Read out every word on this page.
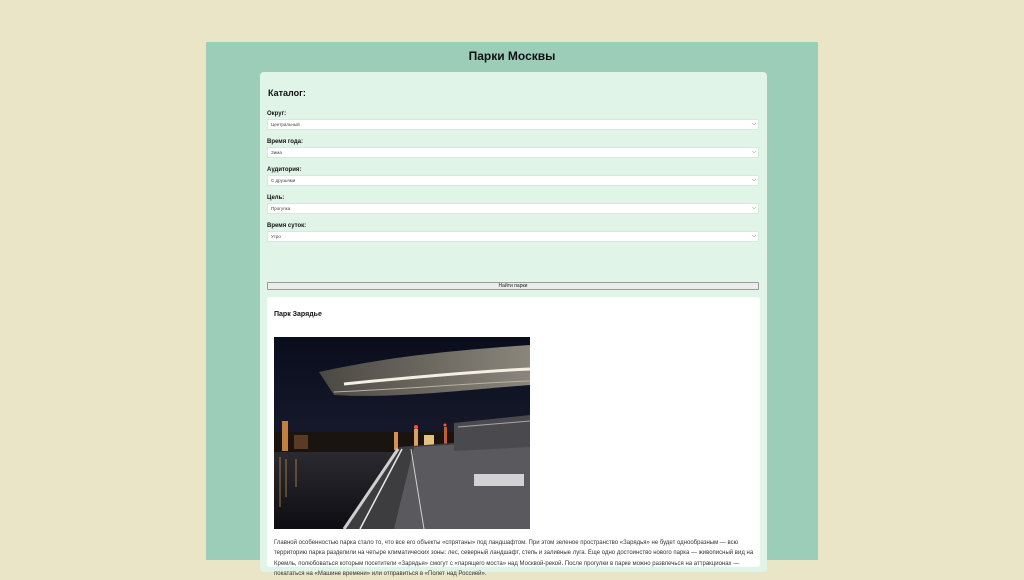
Парки Москвы
Каталог:
Округ:
Центральный	⌵
Время года:
Зима	⌵
Аудитория:
С друзьями	⌵
Цель:
Прогулка	⌵
Время суток:
Утро	⌵
Найти парки
Парк Зарядье
Главной особенностью парка стало то, что все его объекты «спрятаны» под ландшафтом. При этом зеленое пространство «Зарядья» не будет однообразным — всю территорию парка разделили на четыре климатических зоны: лес, северный ландшафт, степь и заливные луга. Еще одно достоинство нового парка — живописный вид на Кремль, полюбоваться которым посетители «Зарядья» смогут с «парящего моста» над Москвой-рекой. После прогулки в парке можно развлечься на аттракционах — покататься на «Машине времени» или отправиться в «Полет над Россией».
